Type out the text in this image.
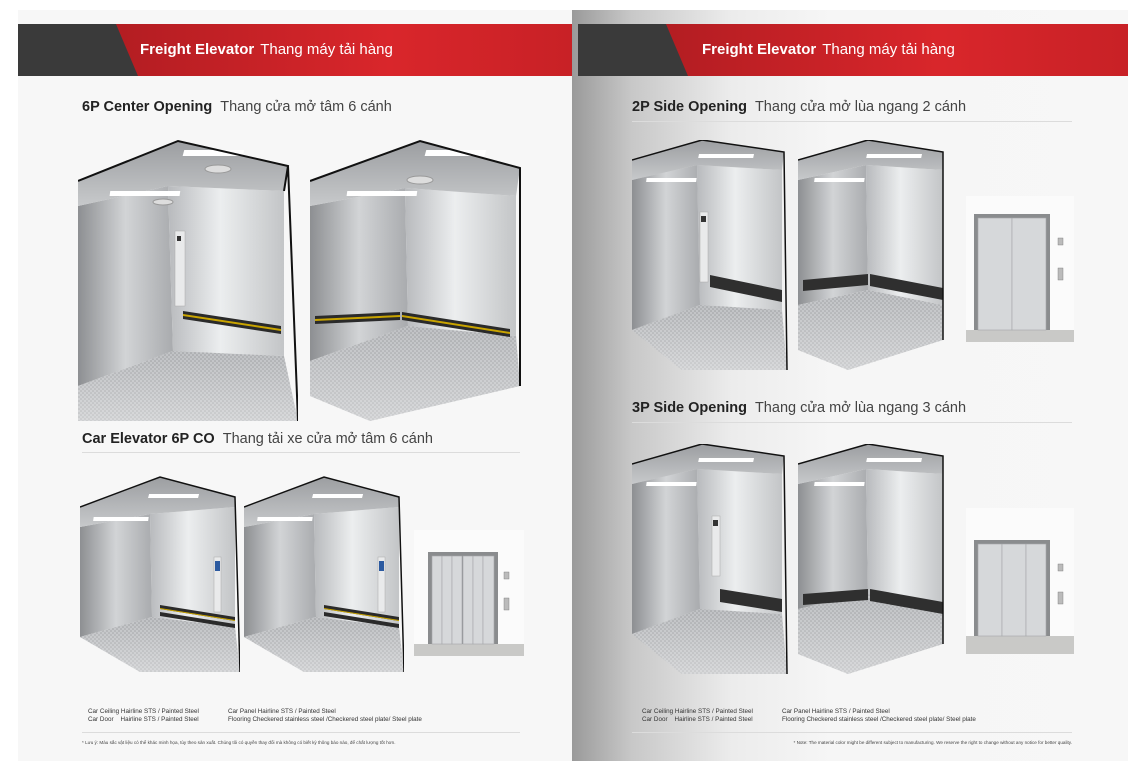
Freight Elevator Thang máy tải hàng
6P Center Opening Thang cửa mở tâm 6 cánh
Car Elevator 6P CO Thang tải xe cửa mở tâm 6 cánh
Car Ceiling Hairline STS / Painted Steel	Car Panel Hairline STS / Painted Steel
Car Door    Hairline STS / Painted Steel	Flooring Checkered stainless steel /Checkered steel plate/ Steel plate
* Lưu ý: Màu sắc vật liệu có thể khác minh họa, tùy theo sản xuất. Chúng tôi có quyền thay đổi mà không có biết kỳ thông báo nào, để chất lượng tốt hơn.
Freight Elevator Thang máy tải hàng
2P Side Opening Thang cửa mở lùa ngang 2 cánh
3P Side Opening Thang cửa mở lùa ngang 3 cánh
Car Ceiling Hairline STS / Painted Steel	Car Panel Hairline STS / Painted Steel
Car Door    Hairline STS / Painted Steel	Flooring Checkered stainless steel /Checkered steel plate/ Steel plate
* Note: The material color might be different subject to manufacturing. We reserve the right to change without any notice for better quality.
